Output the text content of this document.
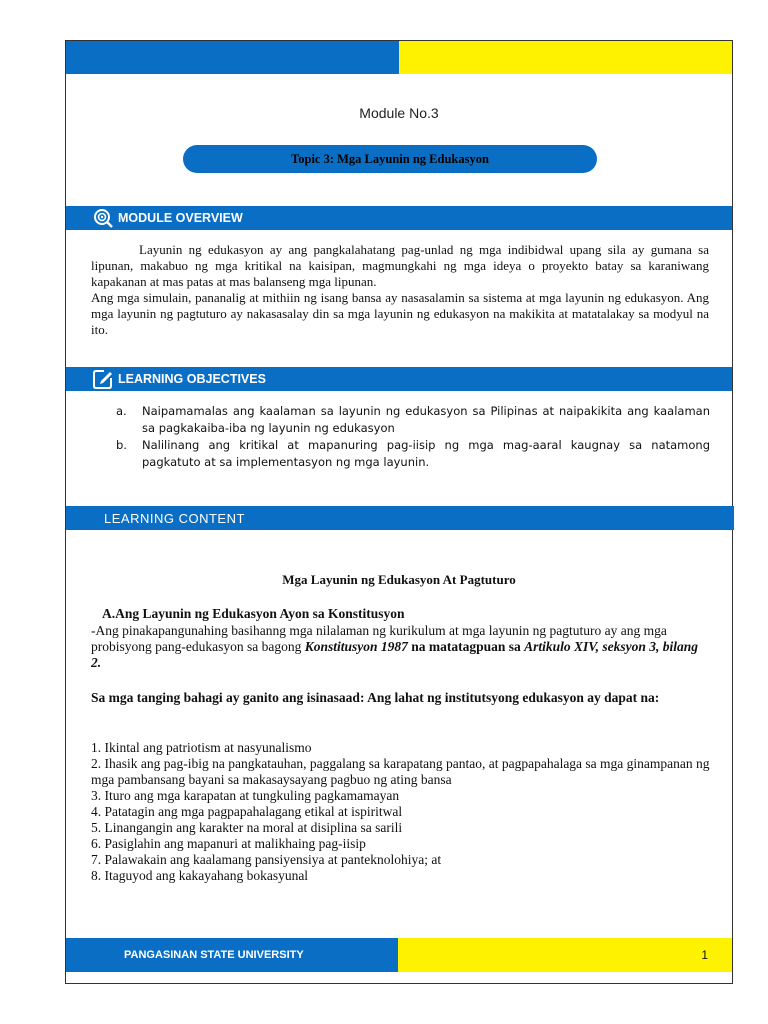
Module No.3
Topic 3: Mga Layunin ng Edukasyon
MODULE OVERVIEW

Layunin ng edukasyon ay ang pangkalahatang pag-unlad ng mga indibidwal upang sila ay gumana sa lipunan, makabuo ng mga kritikal na kaisipan, magmungkahi ng mga ideya o proyekto batay sa karaniwang kapakanan at mas patas at mas balanseng mga lipunan.

Ang mga simulain, pananalig at mithiin ng isang bansa ay nasasalamin sa sistema at mga layunin ng edukasyon. Ang mga layunin ng pagtuturo ay nakasasalay din sa mga layunin ng edukasyon na makikita at matatalakay sa modyul na ito.

LEARNING OBJECTIVES
a.	Naipamamalas ang kaalaman sa layunin ng edukasyon sa Pilipinas at naipakikita ang kaalaman sa pagkakaiba-iba ng layunin ng edukasyon
b.	Nalilinang ang kritikal at mapanuring pag-iisip ng mga mag-aaral kaugnay sa natamong pagkatuto at sa implementasyon ng mga layunin.
LEARNING CONTENT
Mga Layunin ng Edukasyon At Pagtuturo
A.Ang Layunin ng Edukasyon Ayon sa Konstitusyon
-Ang pinakapangunahing basihanng mga nilalaman ng kurikulum at mga layunin ng pagtuturo ay ang mga probisyong pang-edukasyon sa bagong Konstitusyon 1987 na matatagpuan sa Artikulo XIV, seksyon 3, bilang 2.
Sa mga tanging bahagi ay ganito ang isinasaad: Ang lahat ng institutsyong edukasyon ay dapat na:
1. Ikintal ang patriotism at nasyunalismo
2. Ihasik ang pag-ibig na pangkatauhan, paggalang sa karapatang pantao, at pagpapahalaga sa mga ginampanan ng mga pambansang bayani sa makasaysayang pagbuo ng ating bansa
3. Ituro ang mga karapatan at tungkuling pagkamamayan
4. Patatagin ang mga pagpapahalagang etikal at ispiritwal
5. Linangangin ang karakter na moral at disiplina sa sarili
6. Pasiglahin ang mapanuri at malikhaing pag-iisip
7. Palawakain ang kaalamang pansiyensiya at panteknolohiya; at
8. Itaguyod ang kakayahang bokasyunal
PANGASINAN STATE UNIVERSITY	1
